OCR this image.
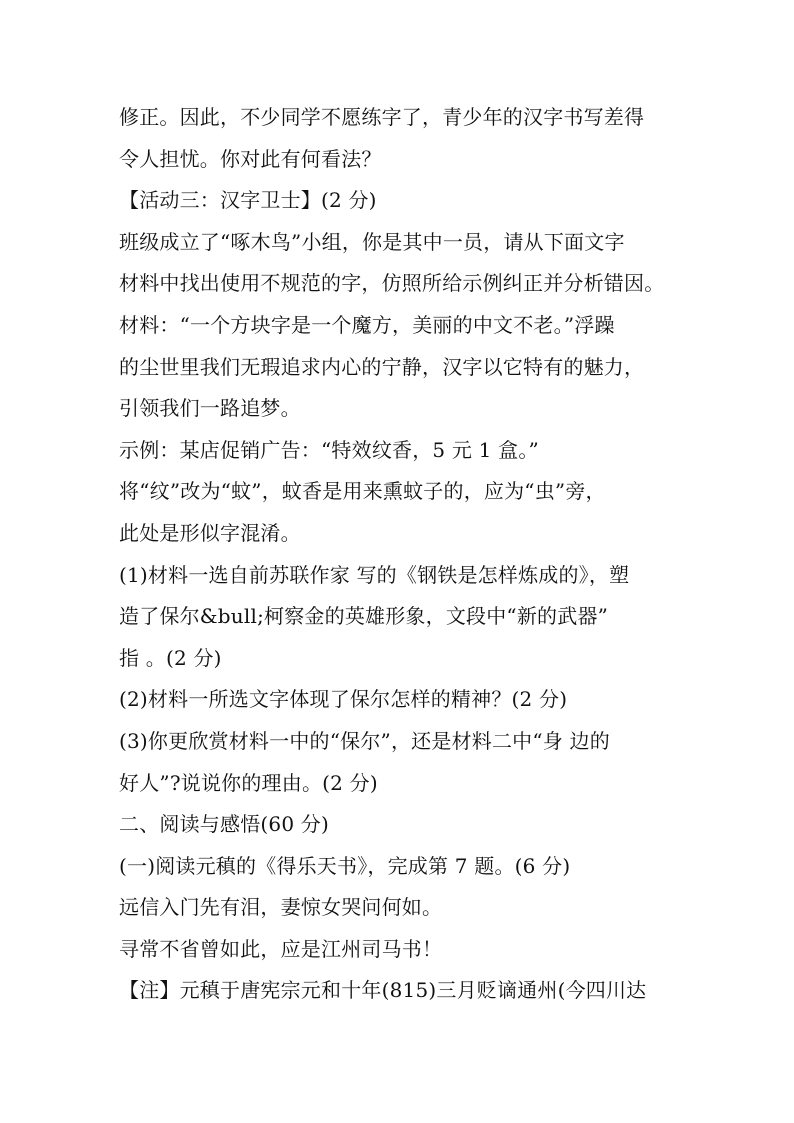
修正。因此，不少同学不愿练字了，青少年的汉字书写差得
令人担忧。你对此有何看法？
【活动三：汉字卫士】(2 分)
班级成立了“啄木鸟”小组，你是其中一员，请从下面文字
材料中找出使用不规范的字，仿照所给示例纠正并分析错因。
材料：“一个方块字是一个魔方，美丽的中文不老。”浮躁
的尘世里我们无瑕追求内心的宁静，汉字以它特有的魅力，
引领我们一路追梦。
示例：某店促销广告：“特效纹香，5 元 1 盒。”
将“纹”改为“蚊”，蚊香是用来熏蚊子的，应为“虫”旁，
此处是形似字混淆。
(1)材料一选自前苏联作家 写的《钢铁是怎样炼成的》，塑
造了保尔&bull;柯察金的英雄形象，文段中“新的武器”
指 。(2 分)
(2)材料一所选文字体现了保尔怎样的精神？(2 分)
(3)你更欣赏材料一中的“保尔”，还是材料二中“身 边的
好人”?说说你的理由。(2 分)
二、阅读与感悟(60 分)
(一)阅读元稹的《得乐天书》，完成第 7 题。(6 分)
远信入门先有泪，妻惊女哭问何如。
寻常不省曾如此，应是江州司马书！
【注】元稹于唐宪宗元和十年(815)三月贬谪通州(今四川达
